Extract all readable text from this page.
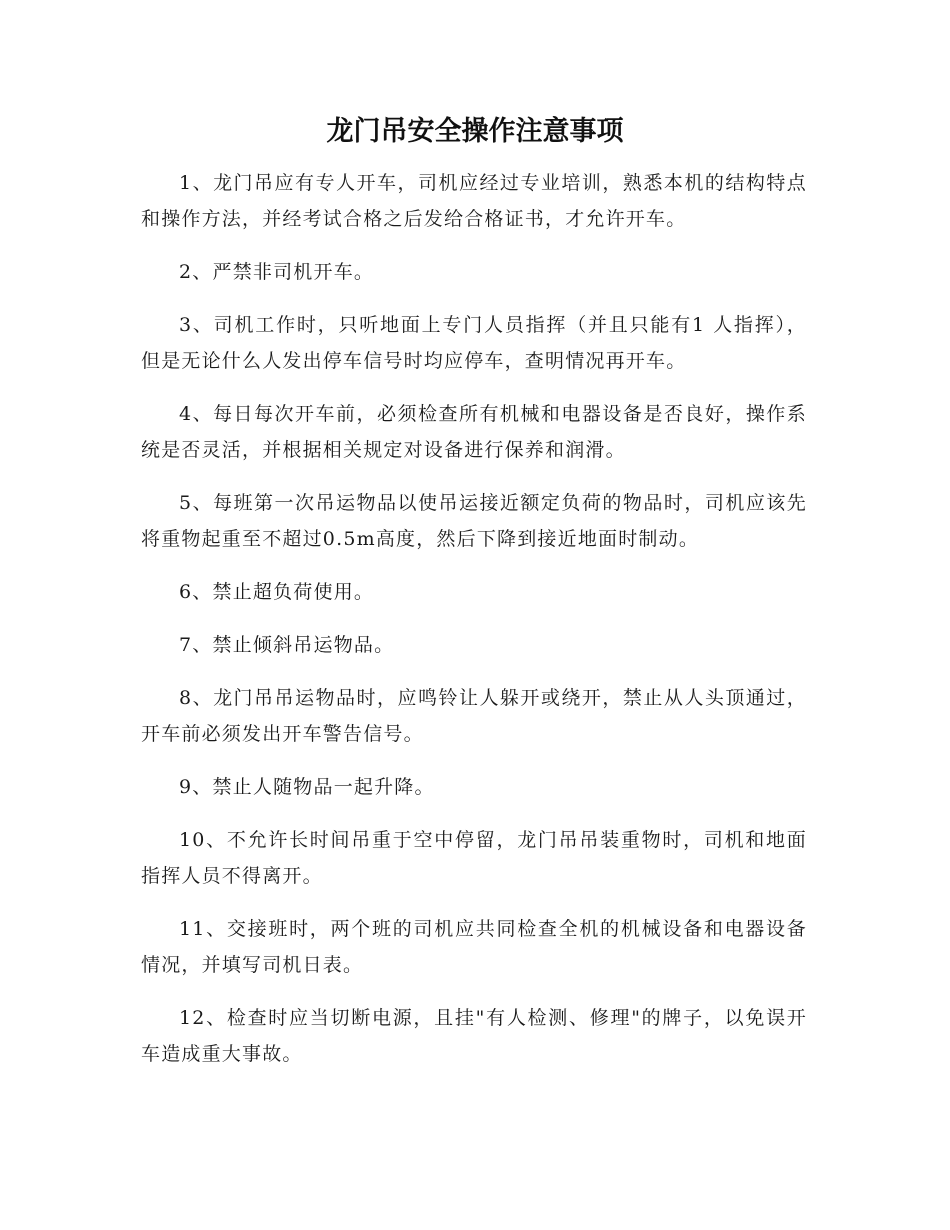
龙门吊安全操作注意事项

1、龙门吊应有专人开车，司机应经过专业培训，熟悉本机的结构特点和操作方法，并经考试合格之后发给合格证书，才允许开车。

2、严禁非司机开车。

3、司机工作时，只听地面上专门人员指挥（并且只能有1 人指挥），但是无论什么人发出停车信号时均应停车，查明情况再开车。

4、每日每次开车前，必须检查所有机械和电器设备是否良好，操作系统是否灵活，并根据相关规定对设备进行保养和润滑。

5、每班第一次吊运物品以使吊运接近额定负荷的物品时，司机应该先将重物起重至不超过0.5m高度，然后下降到接近地面时制动。

6、禁止超负荷使用。

7、禁止倾斜吊运物品。

8、龙门吊吊运物品时，应鸣铃让人躲开或绕开，禁止从人头顶通过，开车前必须发出开车警告信号。

9、禁止人随物品一起升降。

10、不允许长时间吊重于空中停留，龙门吊吊装重物时，司机和地面指挥人员不得离开。

11、交接班时，两个班的司机应共同检查全机的机械设备和电器设备情况，并填写司机日表。

12、检查时应当切断电源，且挂"有人检测、修理"的牌子，以免误开车造成重大事故。
